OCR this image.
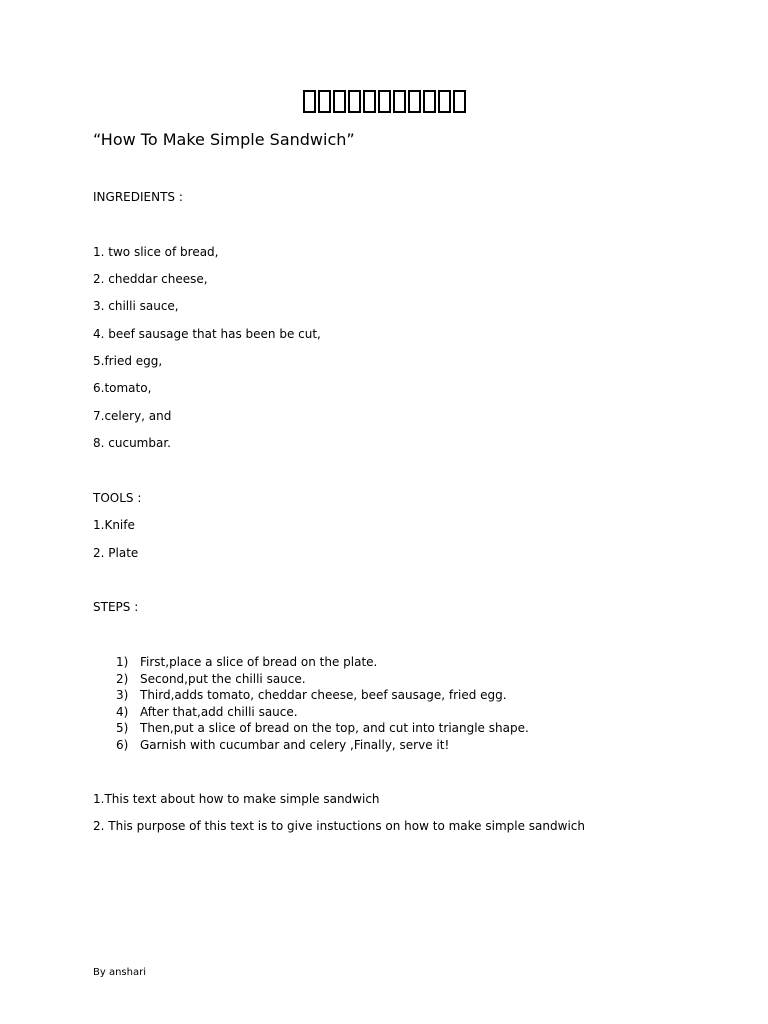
“How To Make Simple Sandwich”
INGREDIENTS :
1. two slice of bread,
2. cheddar cheese,
3. chilli sauce,
4. beef sausage that has been be cut,
5.fried egg,
6.tomato,
7.celery, and
8. cucumbar.
TOOLS :
1.Knife
2. Plate
STEPS :
1) First,place a slice of bread on the plate.
2) Second,put the chilli sauce.
3) Third,adds tomato, cheddar cheese, beef sausage, fried egg.
4) After that,add chilli sauce.
5) Then,put a slice of bread on the top, and cut into triangle shape.
6) Garnish with cucumbar and celery ,Finally, serve it!
1.This text about how to make simple sandwich
2. This purpose of this text is to give instuctions on how to make simple sandwich
By anshari
